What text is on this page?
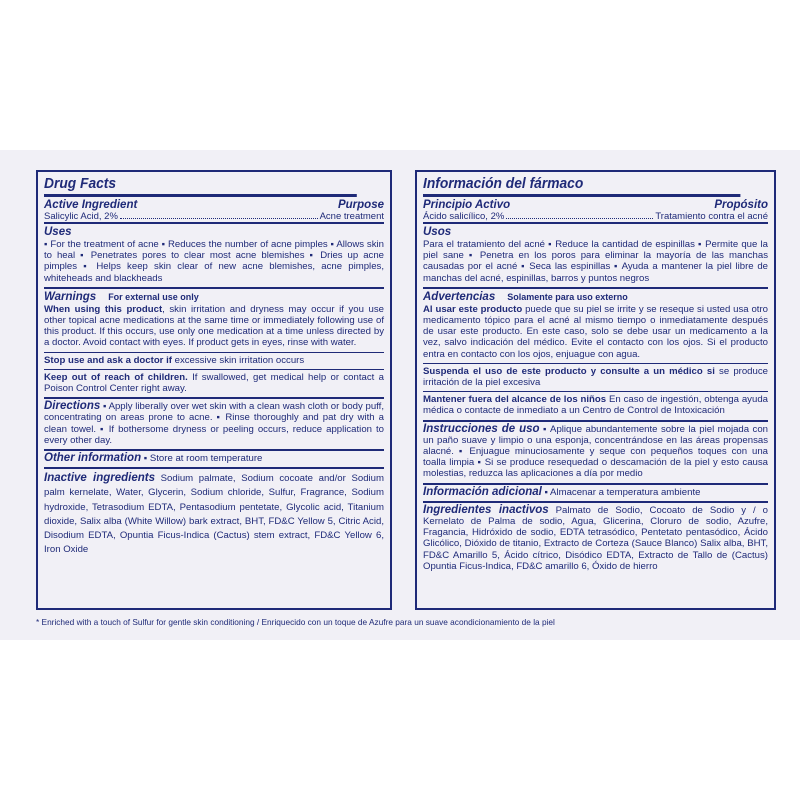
Drug Facts
Active Ingredient	Purpose
Salicylic Acid, 2%	Acne treatment
Uses
▪ For the treatment of acne ▪ Reduces the number of acne pimples ▪ Allows skin to heal ▪ Penetrates pores to clear most acne blemishes ▪ Dries up acne pimples ▪ Helps keep skin clear of new acne blemishes, acne pimples, whiteheads and blackheads
Warnings For external use only
When using this product, skin irritation and dryness may occur if you use other topical acne medications at the same time or immediately following use of this product. If this occurs, use only one medication at a time unless directed by a doctor. Avoid contact with eyes. If product gets in eyes, rinse with water.
Stop use and ask a doctor if excessive skin irritation occurs
Keep out of reach of children. If swallowed, get medical help or contact a Poison Control Center right away.
Directions ▪ Apply liberally over wet skin with a clean wash cloth or body puff, concentrating on areas prone to acne. ▪ Rinse thoroughly and pat dry with a clean towel. ▪ If bothersome dryness or peeling occurs, reduce application to every other day.
Other information ▪ Store at room temperature
Inactive ingredients Sodium palmate, Sodium cocoate and/or Sodium palm kernelate, Water, Glycerin, Sodium chloride, Sulfur, Fragrance, Sodium hydroxide, Tetrasodium EDTA, Pentasodium pentetate, Glycolic acid, Titanium dioxide, Salix alba (White Willow) bark extract, BHT, FD&C Yellow 5, Citric Acid, Disodium EDTA, Opuntia Ficus-Indica (Cactus) stem extract, FD&C Yellow 6, Iron Oxide
Información del fármaco
Principio Activo	Propósito
Ácido salicílico, 2%	Tratamiento contra el acné
Usos
Para el tratamiento del acné ▪ Reduce la cantidad de espinillas ▪ Permite que la piel sane ▪ Penetra en los poros para eliminar la mayoría de las manchas causadas por el acné ▪ Seca las espinillas ▪ Ayuda a mantener la piel libre de manchas del acné, espinillas, barros y puntos negros
Advertencias Solamente para uso externo
Al usar este producto puede que su piel se irrite y se reseque si usted usa otro medicamento tópico para el acné al mismo tiempo o inmediatamente después de usar este producto. En este caso, solo se debe usar un medicamento a la vez, salvo indicación del médico. Evite el contacto con los ojos. Si el producto entra en contacto con los ojos, enjuague con agua.
Suspenda el uso de este producto y consulte a un médico si se produce irritación de la piel excesiva
Mantener fuera del alcance de los niños En caso de ingestión, obtenga ayuda médica o contacte de inmediato a un Centro de Control de Intoxicación
Instrucciones de uso ▪ Aplique abundantemente sobre la piel mojada con un paño suave y limpio o una esponja, concentrándose en las áreas propensas alacné. ▪ Enjuague minuciosamente y seque con pequeños toques con una toalla limpia ▪ Si se produce resequedad o descamación de la piel y esto causa molestias, reduzca las aplicaciones a día por medio
Información adicional ▪ Almacenar a temperatura ambiente
Ingredientes inactivos Palmato de Sodio, Cocoato de Sodio y / o Kernelato de Palma de sodio, Agua, Glicerina, Cloruro de sodio, Azufre, Fragancia, Hidróxido de sodio, EDTA tetrasódico, Pentetato pentasódico, Ácido Glicólico, Dióxido de titanio, Extracto de Corteza (Sauce Blanco) Salix alba, BHT, FD&C Amarillo 5, Ácido cítrico, Disódico EDTA, Extracto de Tallo de (Cactus) Opuntia Ficus-Indica, FD&C amarillo 6, Óxido de hierro
* Enriched with a touch of Sulfur for gentle skin conditioning / Enriquecido con un toque de Azufre para un suave acondicionamiento de la piel
